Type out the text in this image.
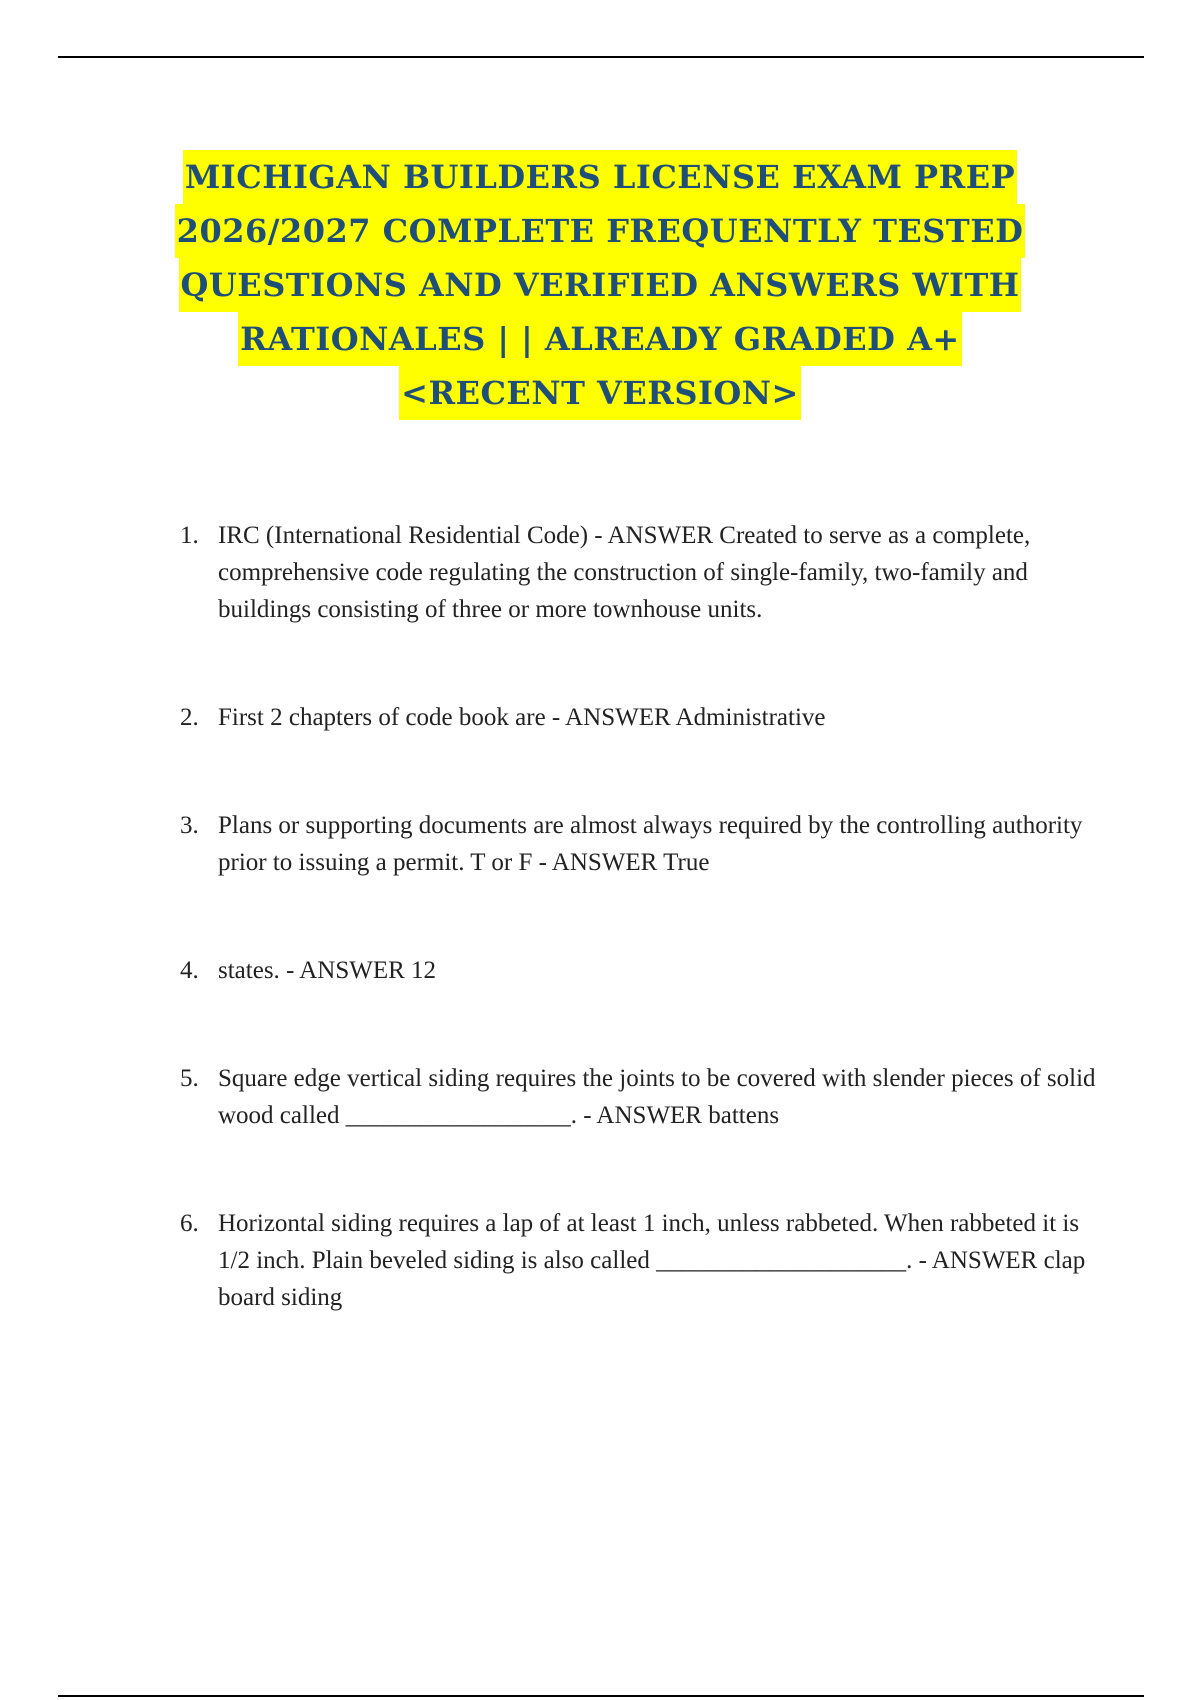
MICHIGAN BUILDERS LICENSE EXAM PREP
2026/2027 COMPLETE FREQUENTLY TESTED
QUESTIONS AND VERIFIED ANSWERS WITH
RATIONALES | | ALREADY GRADED A+
<RECENT VERSION>
1. IRC (International Residential Code) - ANSWER Created to serve as a complete, comprehensive code regulating the construction of single-family, two-family and buildings consisting of three or more townhouse units.
2. First 2 chapters of code book are - ANSWER Administrative
3. Plans or supporting documents are almost always required by the controlling authority prior to issuing a permit. T or F - ANSWER True
4. states. - ANSWER 12
5. Square edge vertical siding requires the joints to be covered with slender pieces of solid wood called __________________. - ANSWER battens
6. Horizontal siding requires a lap of at least 1 inch, unless rabbeted. When rabbeted it is 1/2 inch. Plain beveled siding is also called ____________________. - ANSWER clap board siding
